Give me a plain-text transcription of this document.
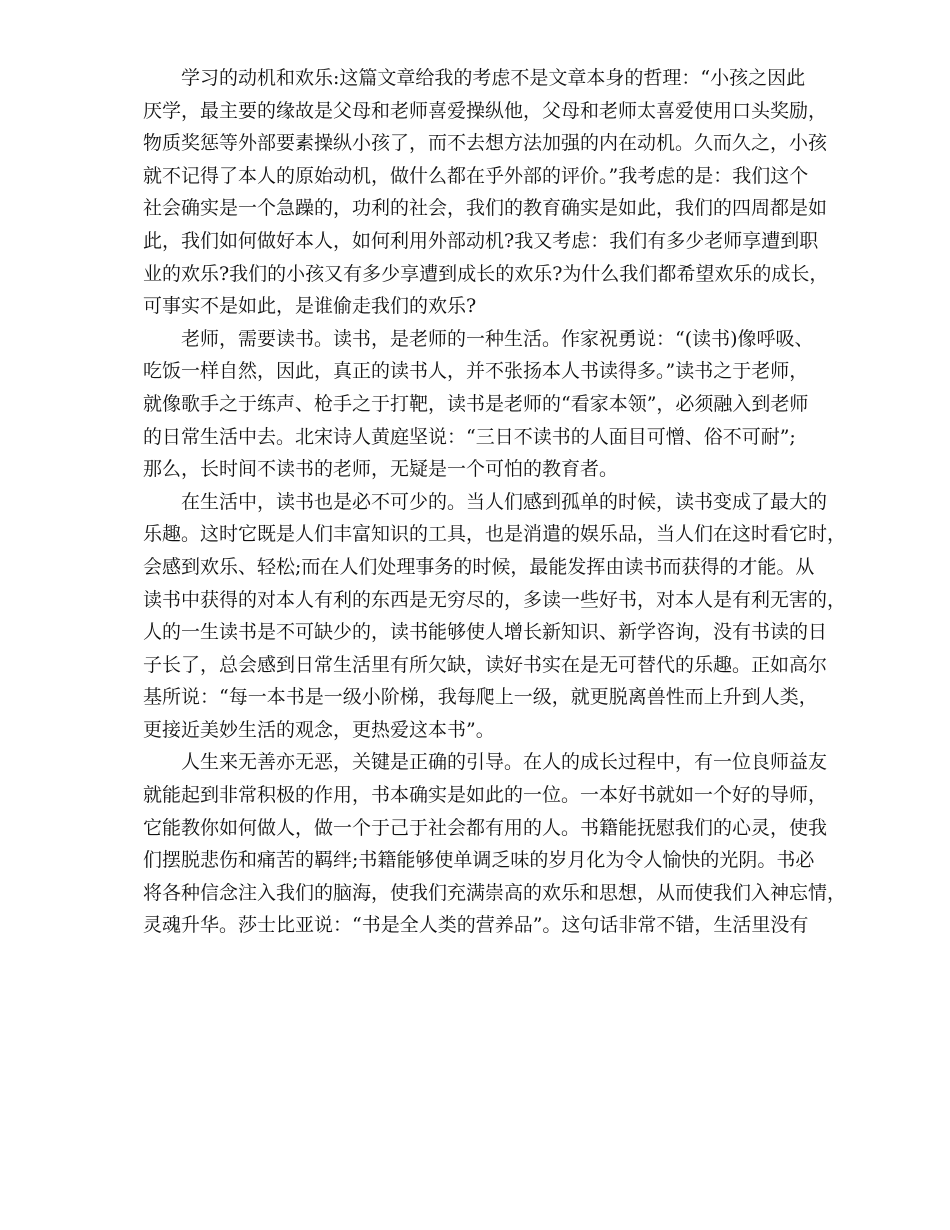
学习的动机和欢乐:这篇文章给我的考虑不是文章本身的哲理：“小孩之因此
厌学，最主要的缘故是父母和老师喜爱操纵他，父母和老师太喜爱使用口头奖励，
物质奖惩等外部要素操纵小孩了，而不去想方法加强的内在动机。久而久之，小孩
就不记得了本人的原始动机，做什么都在乎外部的评价。”我考虑的是：我们这个
社会确实是一个急躁的，功利的社会，我们的教育确实是如此，我们的四周都是如
此，我们如何做好本人，如何利用外部动机?我又考虑：我们有多少老师享遭到职
业的欢乐?我们的小孩又有多少享遭到成长的欢乐?为什么我们都希望欢乐的成长，
可事实不是如此，是谁偷走我们的欢乐?

老师，需要读书。读书，是老师的一种生活。作家祝勇说：“(读书)像呼吸、
吃饭一样自然，因此，真正的读书人，并不张扬本人书读得多。”读书之于老师，
就像歌手之于练声、枪手之于打靶，读书是老师的“看家本领”，必须融入到老师
的日常生活中去。北宋诗人黄庭坚说：“三日不读书的人面目可憎、俗不可耐”;
那么，长时间不读书的老师，无疑是一个可怕的教育者。

在生活中，读书也是必不可少的。当人们感到孤单的时候，读书变成了最大的
乐趣。这时它既是人们丰富知识的工具，也是消遣的娱乐品，当人们在这时看它时，
会感到欢乐、轻松;而在人们处理事务的时候，最能发挥由读书而获得的才能。从
读书中获得的对本人有利的东西是无穷尽的，多读一些好书，对本人是有利无害的，
人的一生读书是不可缺少的，读书能够使人增长新知识、新学咨询，没有书读的日
子长了，总会感到日常生活里有所欠缺，读好书实在是无可替代的乐趣。正如高尔
基所说：“每一本书是一级小阶梯，我每爬上一级，就更脱离兽性而上升到人类，
更接近美妙生活的观念，更热爱这本书”。

人生来无善亦无恶，关键是正确的引导。在人的成长过程中，有一位良师益友
就能起到非常积极的作用，书本确实是如此的一位。一本好书就如一个好的导师，
它能教你如何做人，做一个于己于社会都有用的人。书籍能抚慰我们的心灵，使我
们摆脱悲伤和痛苦的羁绊;书籍能够使单调乏味的岁月化为令人愉快的光阴。书必
将各种信念注入我们的脑海，使我们充满崇高的欢乐和思想，从而使我们入神忘情，
灵魂升华。莎士比亚说：“书是全人类的营养品”。这句话非常不错，生活里没有
